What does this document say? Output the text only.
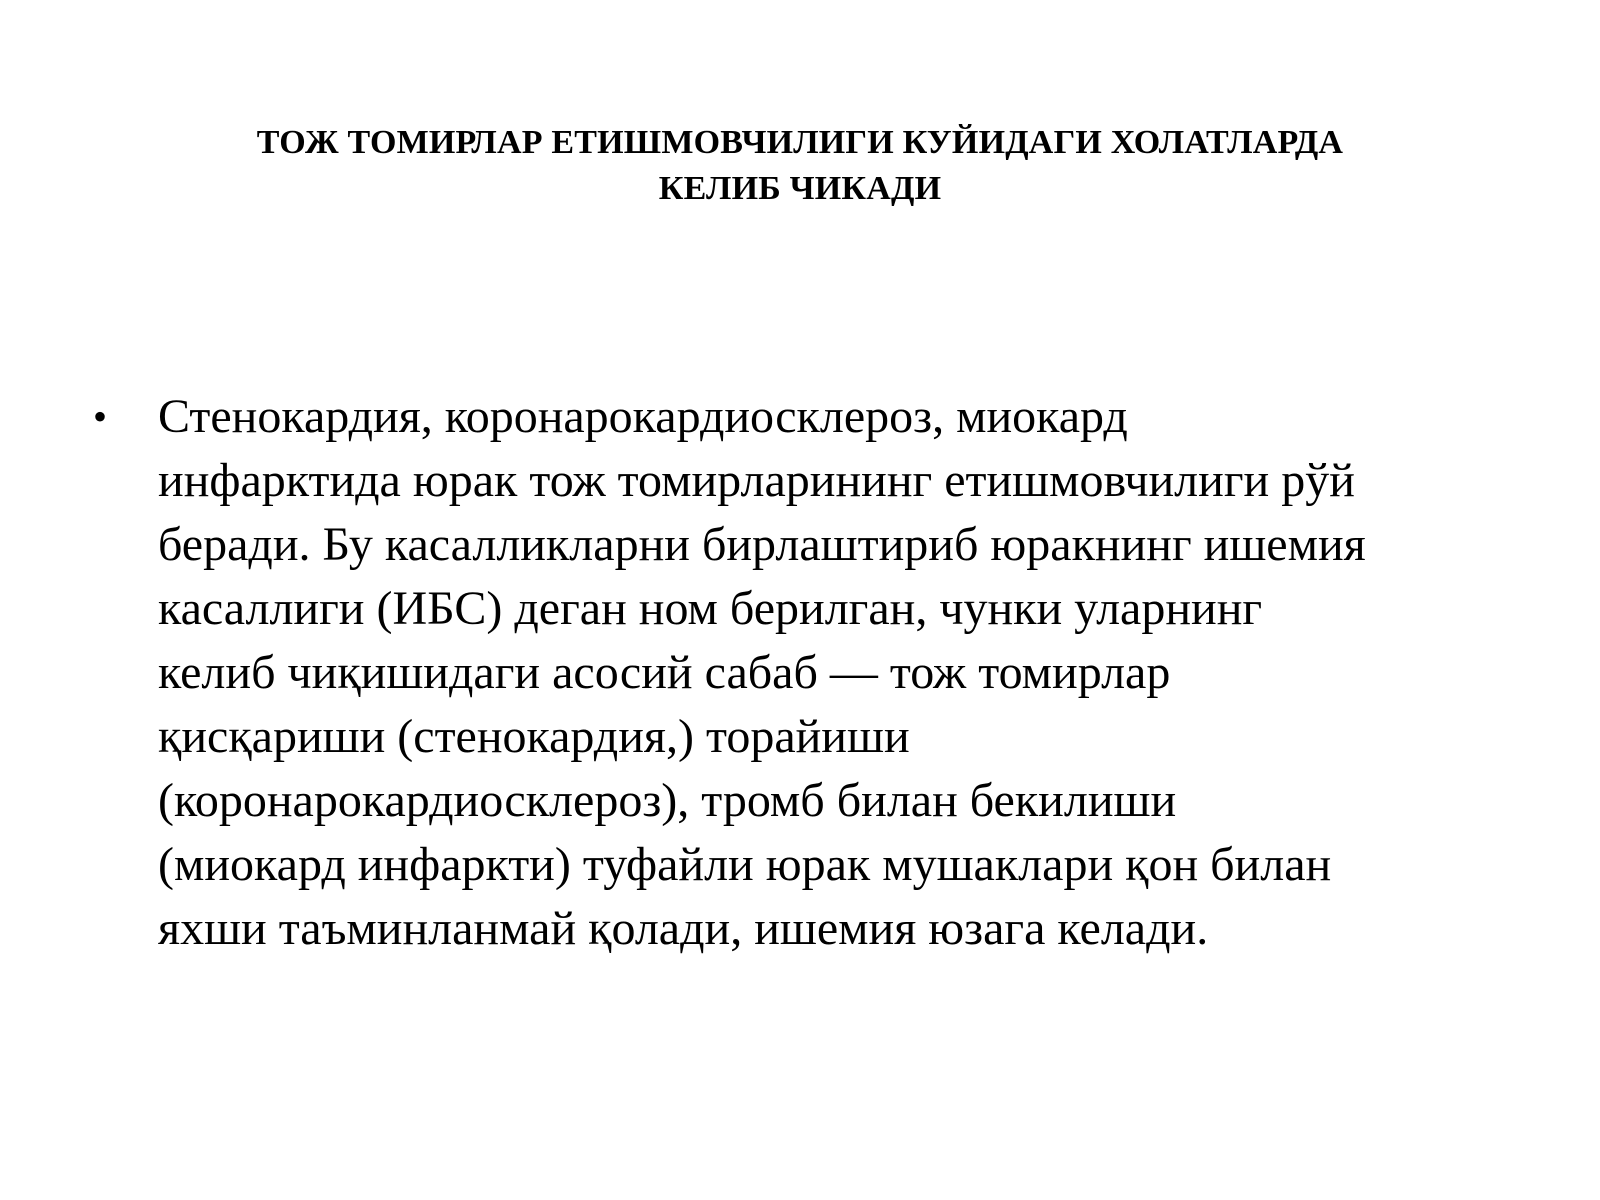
ТОЖ ТОМИРЛАР ЕТИШМОВЧИЛИГИ КУЙИДАГИ ХОЛАТЛАРДА
КЕЛИБ ЧИКАДИ
• Стенокардия, коронарокардиосклероз, миокард
инфарктида юрак тож томирларининг етишмовчилиги рўй
беради. Бу касалликларни бирлаштириб юракнинг ишемия
касаллиги (ИБС) деган ном берилган, чунки уларнинг
келиб чиқишидаги асосий сабаб — тож томирлар
қисқариши (стенокардия,) торайиши
(коронарокардиосклероз), тромб билан бекилиши
(миокард инфаркти) туфайли юрак мушаклари қон билан
яхши таъминланмай қолади, ишемия юзага келади.
